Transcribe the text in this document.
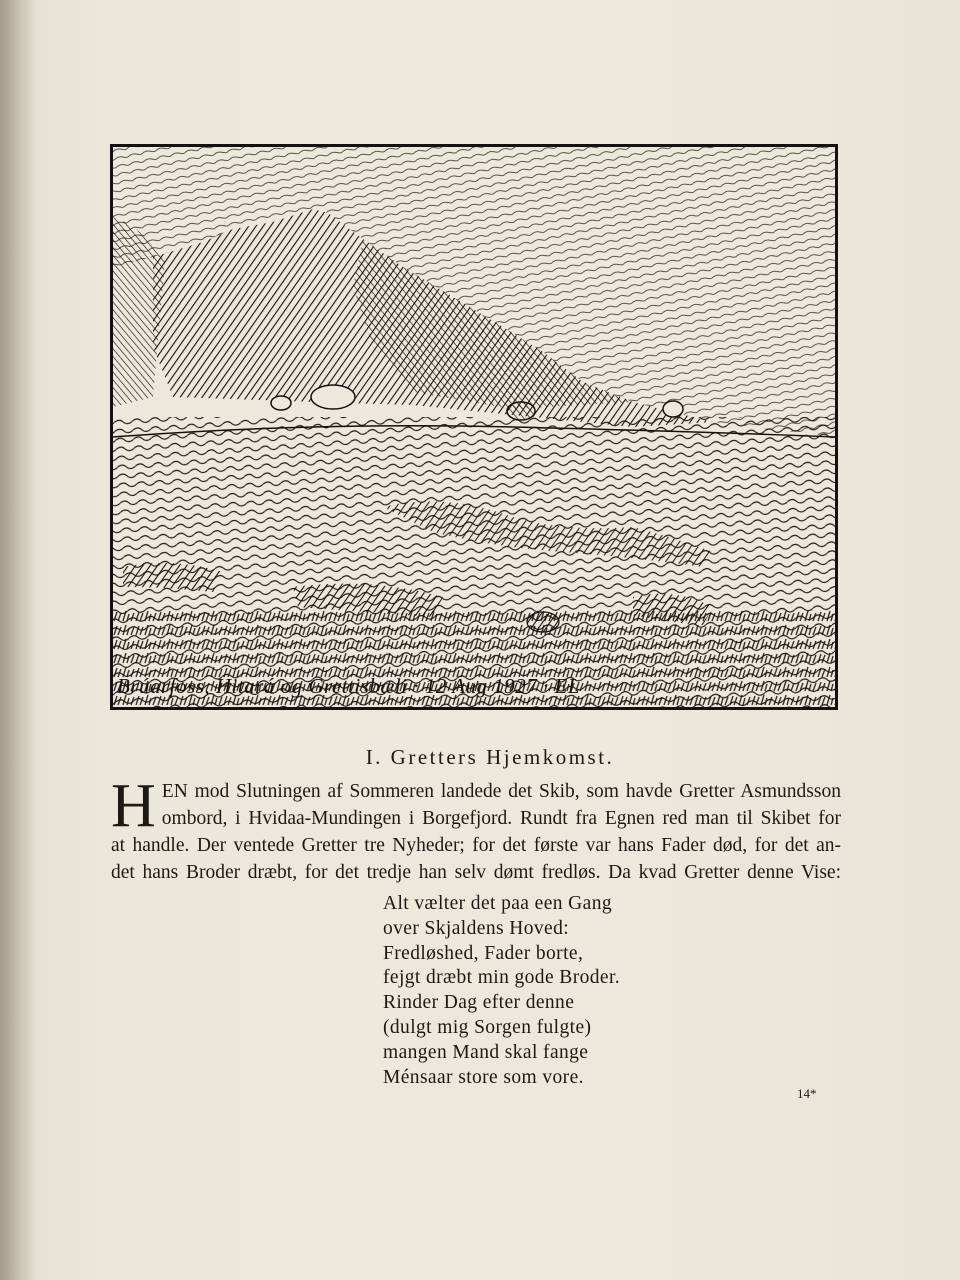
Brúarfoss, Hitará og Grettisbæli · 12 Aug 1927 · EL
I. Gretters Hjemkomst.
H EN mod Slutningen af Sommeren landede det Skib, som havde Gretter Asmundsson
ombord, i Hvidaa-Mundingen i Borgefjord. Rundt fra Egnen red man til Skibet for
at handle. Der ventede Gretter tre Nyheder; for det første var hans Fader død, for det an-
det hans Broder dræbt, for det tredje han selv dømt fredløs. Da kvad Gretter denne Vise:
Alt vælter det paa een Gang
over Skjaldens Hoved:
Fredløshed, Fader borte,
fejgt dræbt min gode Broder.
Rinder Dag efter denne
(dulgt mig Sorgen fulgte)
mangen Mand skal fange
Ménsaar store som vore.
14*
